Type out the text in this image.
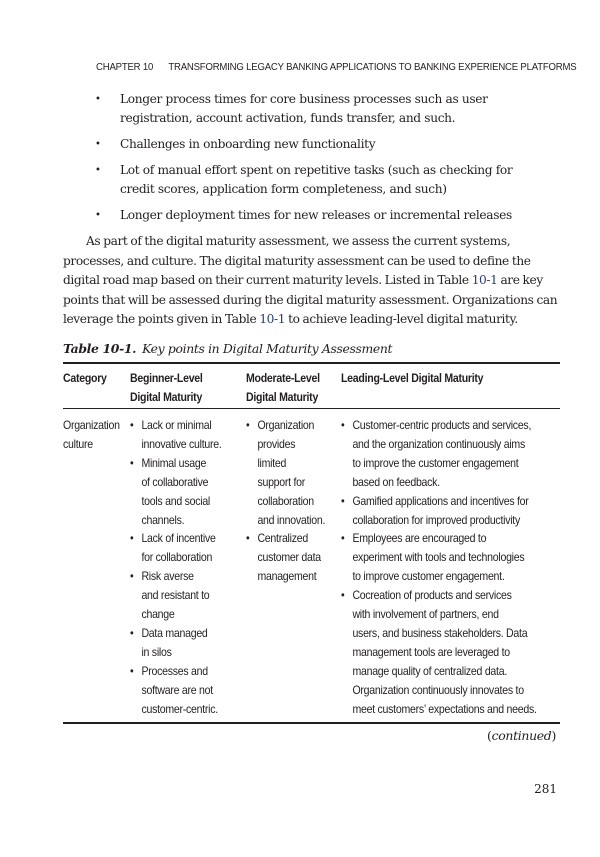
CHAPTER 10 TRANSFORMING LEGACY BANKING APPLICATIONS TO BANKING EXPERIENCE PLATFORMS
• Longer process times for core business processes such as user
registration, account activation, funds transfer, and such.
• Challenges in onboarding new functionality
• Lot of manual effort spent on repetitive tasks (such as checking for
credit scores, application form completeness, and such)
• Longer deployment times for new releases or incremental releases

As part of the digital maturity assessment, we assess the current systems, processes, and culture. The digital maturity assessment can be used to define the digital road map based on their current maturity levels. Listed in Table 10-1 are key points that will be assessed during the digital maturity assessment. Organizations can leverage the points given in Table 10-1 to achieve leading-level digital maturity.

Table 10-1. Key points in Digital Maturity Assessment
Category	Beginner-Level
Digital Maturity
Moderate-Level
Digital Maturity
Leading-Level Digital Maturity
Organization
culture
• Lack or minimal
innovative culture.
• Minimal usage
of collaborative
tools and social
channels.
• Lack of incentive
for collaboration
• Risk averse
and resistant to
change
• Data managed
in silos
• Processes and
software are not
customer-centric.
• Organization
provides
limited
support for
collaboration
and innovation.
• Centralized
customer data
management
• Customer-centric products and services,
and the organization continuously aims
to improve the customer engagement
based on feedback.
• Gamified applications and incentives for
collaboration for improved productivity
• Employees are encouraged to
experiment with tools and technologies
to improve customer engagement.
• Cocreation of products and services
with involvement of partners, end
users, and business stakeholders. Data
management tools are leveraged to
manage quality of centralized data.
Organization continuously innovates to
meet customers’ expectations and needs.
(continued)
281
